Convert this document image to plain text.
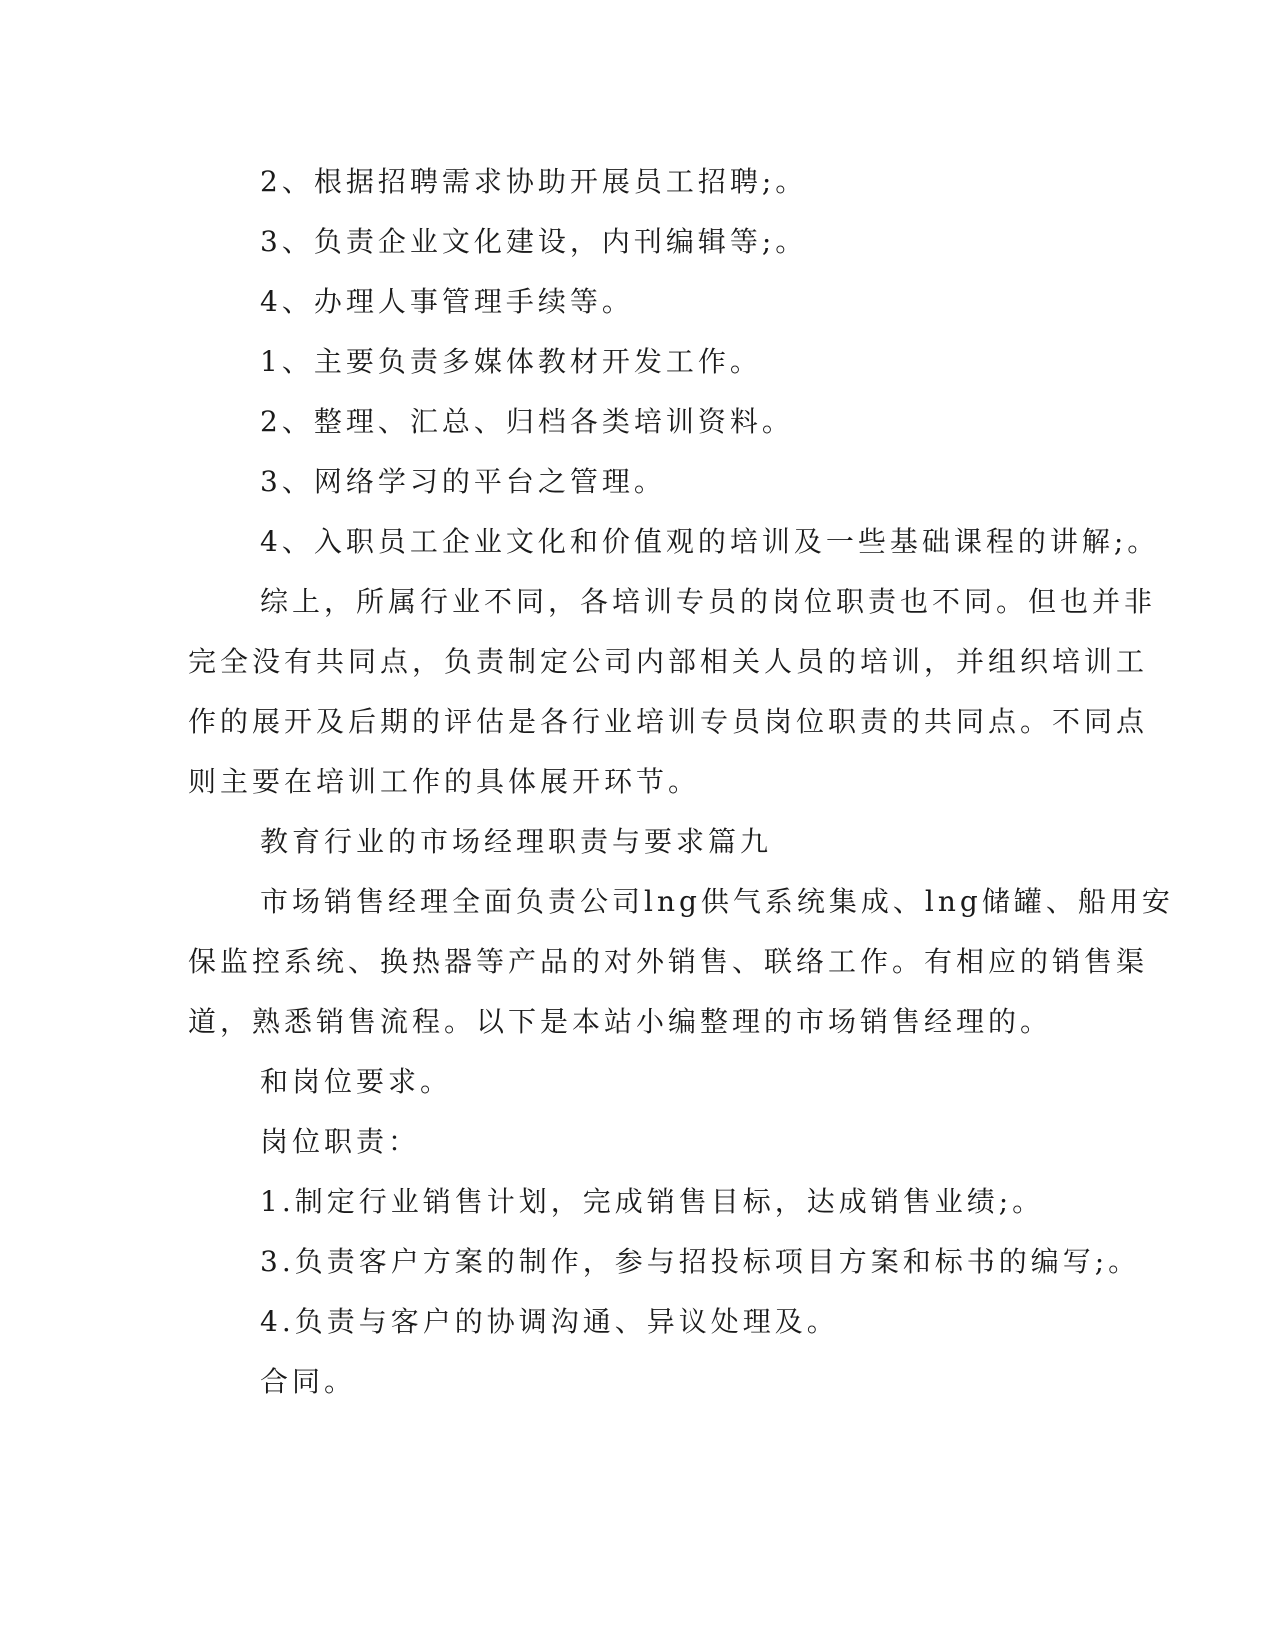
2、根据招聘需求协助开展员工招聘;。
3、负责企业文化建设，内刊编辑等;。
4、办理人事管理手续等。
1、主要负责多媒体教材开发工作。
2、整理、汇总、归档各类培训资料。
3、网络学习的平台之管理。
4、入职员工企业文化和价值观的培训及一些基础课程的讲解;。
综上，所属行业不同，各培训专员的岗位职责也不同。但也并非
完全没有共同点，负责制定公司内部相关人员的培训，并组织培训工
作的展开及后期的评估是各行业培训专员岗位职责的共同点。不同点
则主要在培训工作的具体展开环节。
教育行业的市场经理职责与要求篇九
市场销售经理全面负责公司lng供气系统集成、lng储罐、船用安
保监控系统、换热器等产品的对外销售、联络工作。有相应的销售渠
道，熟悉销售流程。以下是本站小编整理的市场销售经理的。
和岗位要求。
岗位职责：
1.制定行业销售计划，完成销售目标，达成销售业绩;。
3.负责客户方案的制作，参与招投标项目方案和标书的编写;。
4.负责与客户的协调沟通、异议处理及。
合同。
